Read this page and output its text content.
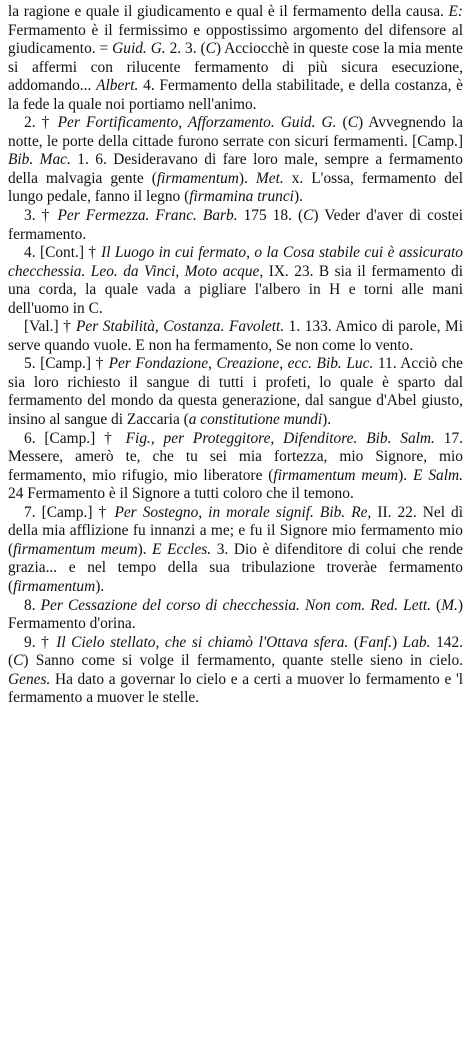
la ragione e quale il giudicamento e qual è il fermamento della causa. E: Fermamento è il fermissimo e oppostissimo argomento del difensore al giudicamento. = Guid. G. 2. 3. (C) Acciocchè in queste cose la mia mente si affermi con rilucente fermamento di più sicura esecuzione, addomando... Albert. 4. Fermamento della stabilitade, e della costanza, è la fede la quale noi portiamo nell'animo.

2. † Per Fortificamento, Afforzamento. Guid. G. (C) Avvegnendo la notte, le porte della cittade furono serrate con sicuri fermamenti. [Camp.] Bib. Mac. 1. 6. Desideravano di fare loro male, sempre a fermamento della malvagia gente (firmamentum). Met. x. L'ossa, fermamento del lungo pedale, fanno il legno (firmamina trunci).

3. † Per Fermezza. Franc. Barb. 175 18. (C) Veder d'aver di costei fermamento.

4. [Cont.] † Il Luogo in cui fermato, o la Cosa stabile cui è assicurato checchessia. Leo. da Vinci, Moto acque, IX. 23. B sia il fermamento di una corda, la quale vada a pigliare l'albero in H e torni alle mani dell'uomo in C.

[Val.] † Per Stabilità, Costanza. Favolett. 1. 133. Amico di parole, Mi serve quando vuole. E non ha fermamento, Se non come lo vento.

5. [Camp.] † Per Fondazione, Creazione, ecc. Bib. Luc. 11. Acciò che sia loro richiesto il sangue di tutti i profeti, lo quale è sparto dal fermamento del mondo da questa generazione, dal sangue d'Abel giusto, insino al sangue di Zaccaria (a constitutione mundi).

6. [Camp.] † Fig., per Proteggitore, Difenditore. Bib. Salm. 17. Messere, amerò te, che tu sei mia fortezza, mio Signore, mio fermamento, mio rifugio, mio liberatore (firmamentum meum). E Salm. 24 Fermamento è il Signore a tutti coloro che il temono.

7. [Camp.] † Per Sostegno, in morale signif. Bib. Re, II. 22. Nel dì della mia afflizione fu innanzi a me; e fu il Signore mio fermamento mio (firmamentum meum). E Eccles. 3. Dio è difenditore di colui che rende grazia... e nel tempo della sua tribulazione troveràe fermamento (firmamentum).

8. Per Cessazione del corso di checchessia. Non com. Red. Lett. (M.) Fermamento d'orina.

9. † Il Cielo stellato, che si chiamò l'Ottava sfera. (Fanf.) Lab. 142. (C) Sanno come si volge il fermamento, quante stelle sieno in cielo. Genes. Ha dato a governar lo cielo e a certi a muover lo fermamento e 'l fermamento a muover le stelle.
